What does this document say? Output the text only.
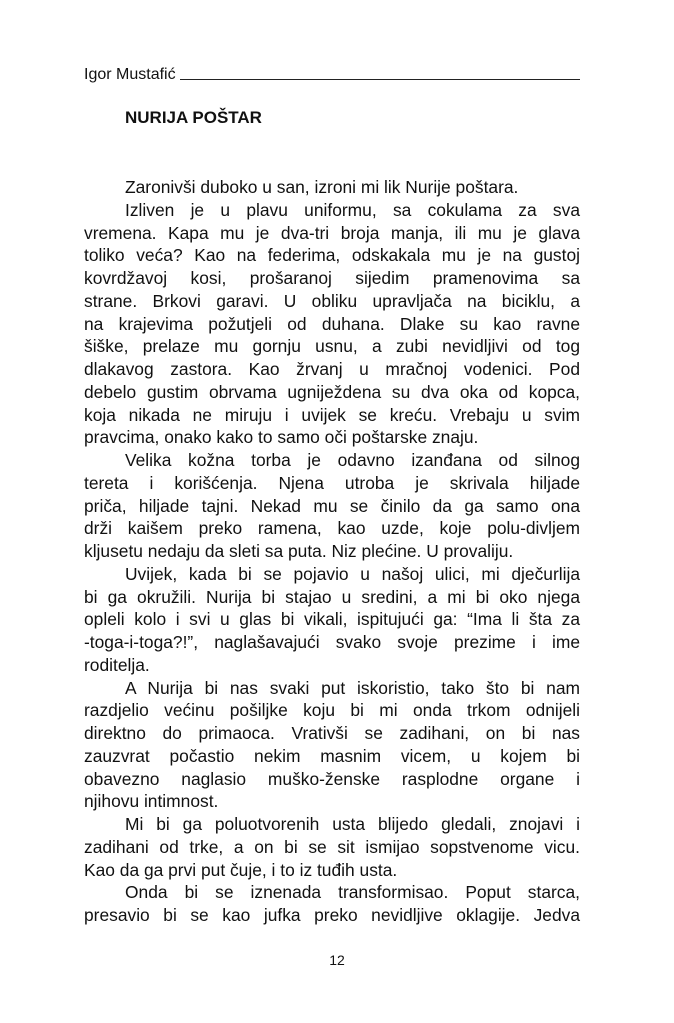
Igor Mustafić
NURIJA POŠTAR
Zaronivši duboko u san, izroni mi lik Nurije poštara.
Izliven je u plavu uniformu, sa cokulama za sva
vremena. Kapa mu je dva-tri broja manja, ili mu je glava
toliko veća? Kao na federima, odskakala mu je na gustoj
kovrdžavoj kosi, prošaranoj sijedim pramenovima sa
strane. Brkovi garavi. U obliku upravljača na biciklu, a
na krajevima požutjeli od duhana. Dlake su kao ravne
šiške, prelaze mu gornju usnu, a zubi nevidljivi od tog
dlakavog zastora. Kao žrvanj u mračnoj vodenici. Pod
debelo gustim obrvama ugniježdena su dva oka od kopca,
koja nikada ne miruju i uvijek se kreću. Vrebaju u svim
pravcima, onako kako to samo oči poštarske znaju.
Velika kožna torba je odavno izanđana od silnog
tereta i korišćenja. Njena utroba je skrivala hiljade
priča, hiljade tajni. Nekad mu se činilo da ga samo ona
drži kaišem preko ramena, kao uzde, koje polu-divljem
kljusetu nedaju da sleti sa puta. Niz plećine. U provaliju.
Uvijek, kada bi se pojavio u našoj ulici, mi dječurlija
bi ga okružili. Nurija bi stajao u sredini, a mi bi oko njega
opleli kolo i svi u glas bi vikali, ispitujući ga: “Ima li šta za
-toga-i-toga?!”, naglašavajući svako svoje prezime i ime
roditelja.
A Nurija bi nas svaki put iskoristio, tako što bi nam
razdjelio većinu pošiljke koju bi mi onda trkom odnijeli
direktno do primaoca. Vrativši se zadihani, on bi nas
zauzvrat počastio nekim masnim vicem, u kojem bi
obavezno naglasio muško-ženske rasplodne organe i
njihovu intimnost.
Mi bi ga poluotvorenih usta blijedo gledali, znojavi i
zadihani od trke, a on bi se sit ismijao sopstvenome vicu.
Kao da ga prvi put čuje, i to iz tuđih usta.
Onda bi se iznenada transformisao. Poput starca,
presavio bi se kao jufka preko nevidljive oklagije. Jedva
12
